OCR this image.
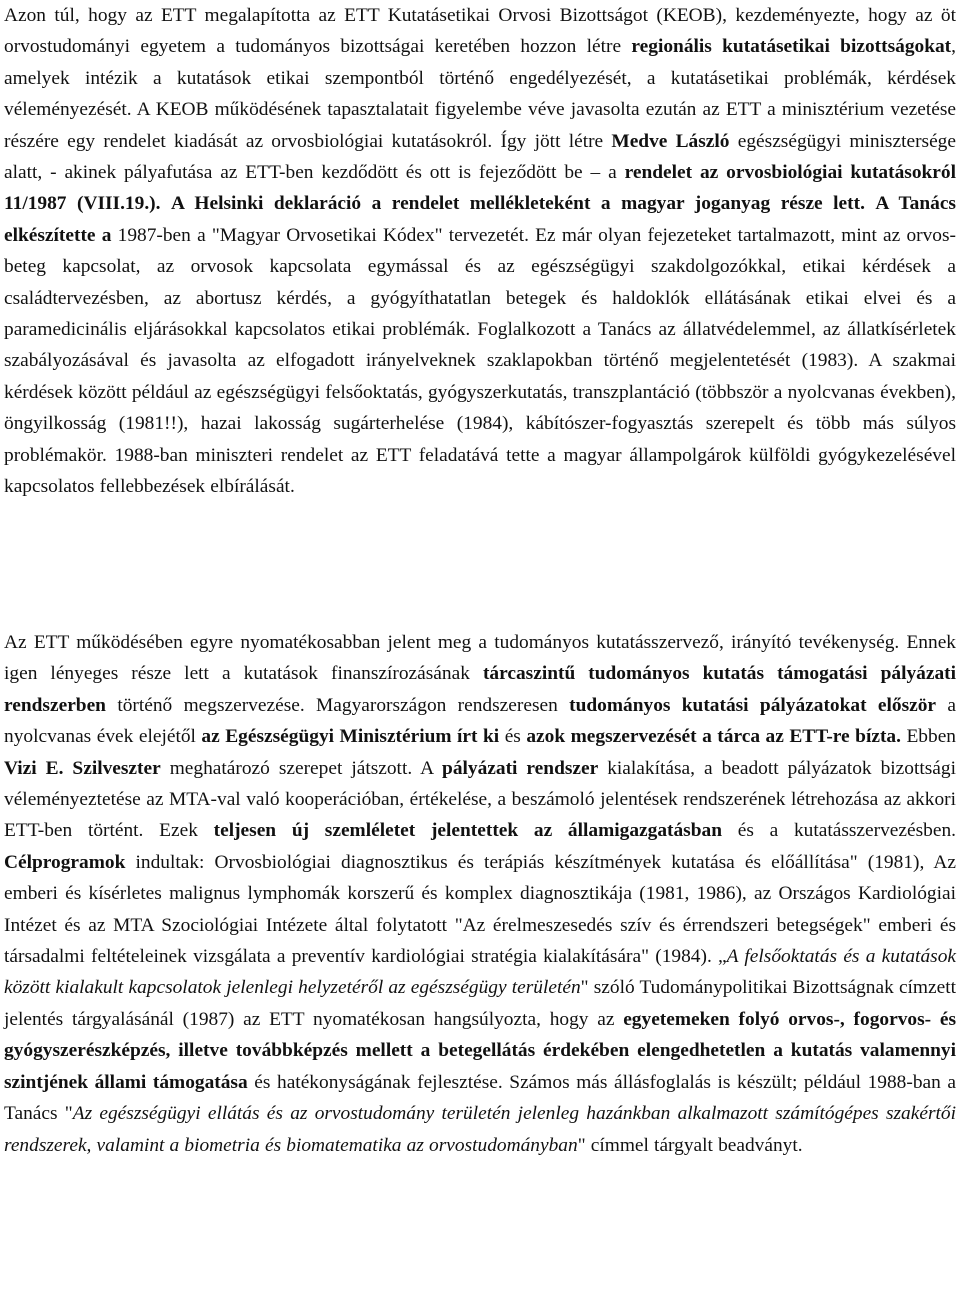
Azon túl, hogy az ETT megalapította az ETT Kutatásetikai Orvosi Bizottságot (KEOB), kezdeményezte, hogy az öt orvostudományi egyetem a tudományos bizottságai keretében hozzon létre regionális kutatásetikai bizottságokat, amelyek intézik a kutatások etikai szempontból történő engedélyezését, a kutatásetikai problémák, kérdések véleményezését. A KEOB működésének tapasztalatait figyelembe véve javasolta ezután az ETT a minisztérium vezetése részére egy rendelet kiadását az orvosbiológiai kutatásokról. Így jött létre Medve László egészségügyi minisztersége alatt, - akinek pályafutása az ETT-ben kezdődött és ott is fejeződött be – a rendelet az orvosbiológiai kutatásokról 11/1987 (VIII.19.). A Helsinki deklaráció a rendelet mellékleteként a magyar joganyag része lett. A Tanács elkészítette a 1987-ben a "Magyar Orvosetikai Kódex" tervezetét. Ez már olyan fejezeteket tartalmazott, mint az orvos-beteg kapcsolat, az orvosok kapcsolata egymással és az egészségügyi szakdolgozókkal, etikai kérdések a családtervezésben, az abortusz kérdés, a gyógyíthatatlan betegek és haldoklók ellátásának etikai elvei és a paramedicinális eljárásokkal kapcsolatos etikai problémák. Foglalkozott a Tanács az állatvédelemmel, az állatkísérletek szabályozásával és javasolta az elfogadott irányelveknek szaklapokban történő megjelentetését (1983). A szakmai kérdések között például az egészségügyi felsőoktatás, gyógyszerkutatás, transzplantáció (többször a nyolcvanas években), öngyilkosság (1981!!), hazai lakosság sugárterhelése (1984), kábítószer-fogyasztás szerepelt és több más súlyos problémakör. 1988-ban miniszteri rendelet az ETT feladatává tette a magyar állampolgárok külföldi gyógykezelésével kapcsolatos fellebbezések elbírálását.

Az ETT működésében egyre nyomatékosabban jelent meg a tudományos kutatásszervező, irányító tevékenység. Ennek igen lényeges része lett a kutatások finanszírozásának tárcaszintű tudományos kutatás támogatási pályázati rendszerben történő megszervezése. Magyarországon rendszeresen tudományos kutatási pályázatokat először a nyolcvanas évek elejétől az Egészségügyi Minisztérium írt ki és azok megszervezését a tárca az ETT-re bízta. Ebben Vizi E. Szilveszter meghatározó szerepet játszott. A pályázati rendszer kialakítása, a beadott pályázatok bizottsági véleményeztetése az MTA-val való kooperációban, értékelése, a beszámoló jelentések rendszerének létrehozása az akkori ETT-ben történt. Ezek teljesen új szemléletet jelentettek az államigazgatásban és a kutatásszervezésben. Célprogramok indultak: Orvosbiológiai diagnosztikus és terápiás készítmények kutatása és előállítása" (1981), Az emberi és kísérletes malignus lymphomák korszerű és komplex diagnosztikája (1981, 1986), az Országos Kardiológiai Intézet és az MTA Szociológiai Intézete által folytatott "Az érelmeszesedés szív és érrendszeri betegségek" emberi és társadalmi feltételeinek vizsgálata a preventív kardiológiai stratégia kialakítására" (1984). „A felsőoktatás és a kutatások között kialakult kapcsolatok jelenlegi helyzetéről az egészségügy területén" szóló Tudománypolitikai Bizottságnak címzett jelentés tárgyalásánál (1987) az ETT nyomatékosan hangsúlyozta, hogy az egyetemeken folyó orvos-, fogorvos- és gyógyszerészképzés, illetve továbbképzés mellett a betegellátás érdekében elengedhetetlen a kutatás valamennyi szintjének állami támogatása és hatékonyságának fejlesztése. Számos más állásfoglalás is készült; például 1988-ban a Tanács "Az egészségügyi ellátás és az orvostudomány területén jelenleg hazánkban alkalmazott számítógépes szakértői rendszerek, valamint a biometria és biomatematika az orvostudományban" címmel tárgyalt beadványt.
